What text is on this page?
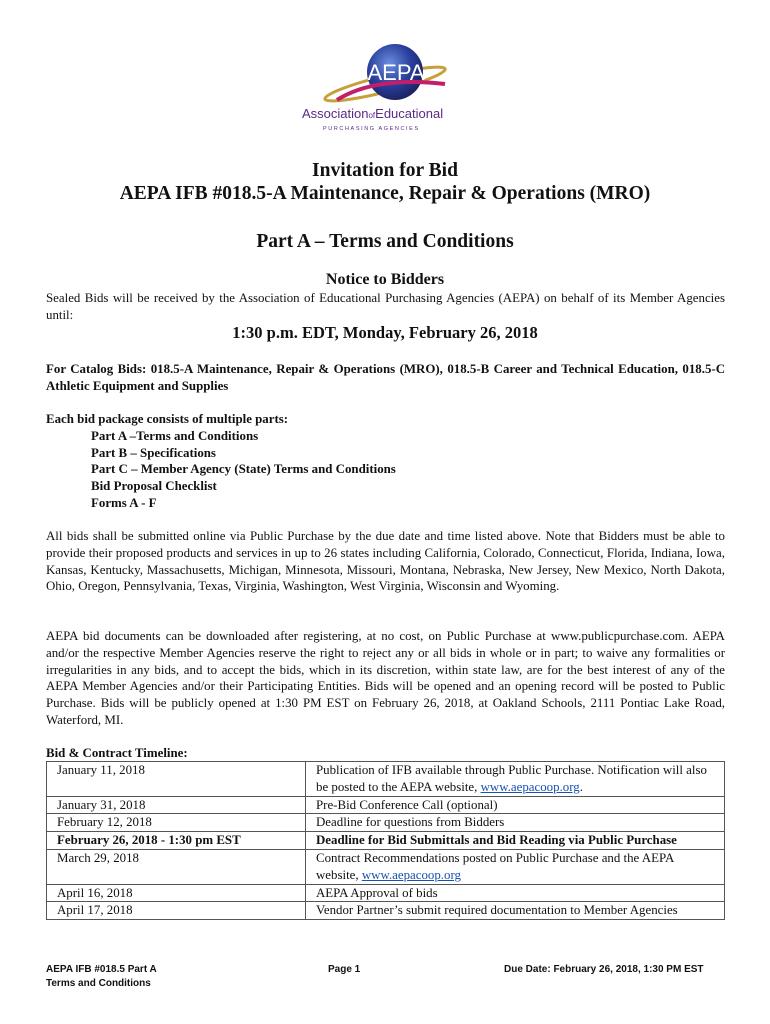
AEPA
AssociationofEducational
PURCHASING AGENCIES
Invitation for Bid
AEPA IFB #018.5-A Maintenance, Repair & Operations (MRO)
Part A – Terms and Conditions
Notice to Bidders
Sealed Bids will be received by the Association of Educational Purchasing Agencies (AEPA) on behalf of its Member Agencies until:
1:30 p.m. EDT, Monday, February 26, 2018
For Catalog Bids: 018.5-A Maintenance, Repair & Operations (MRO), 018.5-B Career and Technical Education, 018.5-C Athletic Equipment and Supplies
Each bid package consists of multiple parts:
Part A –Terms and Conditions
Part B – Specifications
Part C – Member Agency (State) Terms and Conditions
Bid Proposal Checklist
Forms A - F
All bids shall be submitted online via Public Purchase by the due date and time listed above. Note that Bidders must be able to provide their proposed products and services in up to 26 states including California, Colorado, Connecticut, Florida, Indiana, Iowa, Kansas, Kentucky, Massachusetts, Michigan, Minnesota, Missouri, Montana, Nebraska, New Jersey, New Mexico, North Dakota, Ohio, Oregon, Pennsylvania, Texas, Virginia, Washington, West Virginia, Wisconsin and Wyoming.
AEPA bid documents can be downloaded after registering, at no cost, on Public Purchase at www.publicpurchase.com. AEPA and/or the respective Member Agencies reserve the right to reject any or all bids in whole or in part; to waive any formalities or irregularities in any bids, and to accept the bids, which in its discretion, within state law, are for the best interest of any of the AEPA Member Agencies and/or their Participating Entities. Bids will be opened and an opening record will be posted to Public Purchase. Bids will be publicly opened at 1:30 PM EST on February 26, 2018, at Oakland Schools, 2111 Pontiac Lake Road, Waterford, MI.
Bid & Contract Timeline:
January 11, 2018	Publication of IFB available through Public Purchase. Notification will also be posted to the AEPA website, www.aepacoop.org.
January 31, 2018	Pre-Bid Conference Call (optional)
February 12, 2018	Deadline for questions from Bidders
February 26, 2018 - 1:30 pm EST	Deadline for Bid Submittals and Bid Reading via Public Purchase
March 29, 2018	Contract Recommendations posted on Public Purchase and the AEPA website, www.aepacoop.org
April 16, 2018	AEPA Approval of bids
April 17, 2018	Vendor Partner’s submit required documentation to Member Agencies
AEPA IFB #018.5 Part A
Terms and Conditions
Page 1	Due Date: February 26, 2018, 1:30 PM EST
